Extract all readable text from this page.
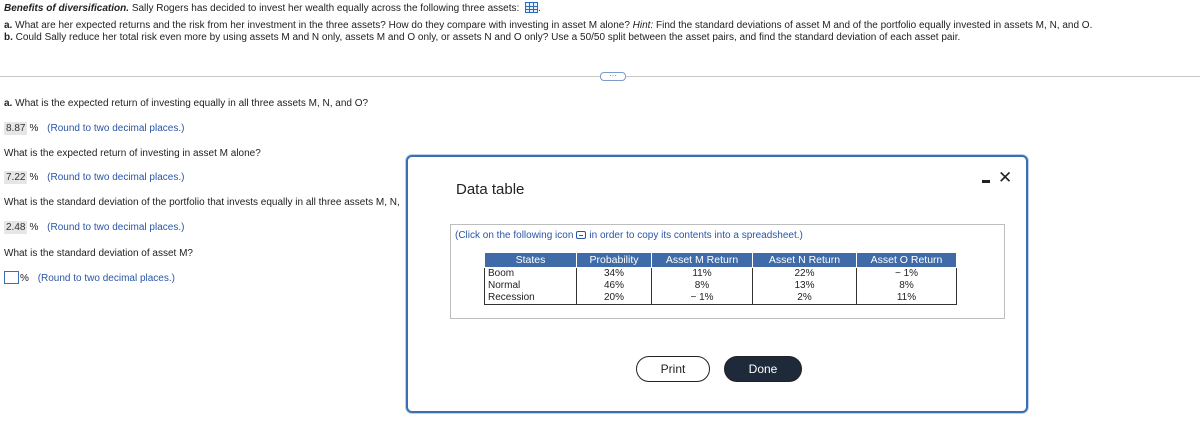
Benefits of diversification. Sally Rogers has decided to invest her wealth equally across the following three assets: .
a. What are her expected returns and the risk from her investment in the three assets? How do they compare with investing in asset M alone? Hint: Find the standard deviations of asset M and of the portfolio equally invested in assets M, N, and O.
b. Could Sally reduce her total risk even more by using assets M and N only, assets M and O only, or assets N and O only? Use a 50/50 split between the asset pairs, and find the standard deviation of each asset pair.
···
a. What is the expected return of investing equally in all three assets M, N, and O?
8.87 % (Round to two decimal places.)
What is the expected return of investing in asset M alone?
7.22 % (Round to two decimal places.)
What is the standard deviation of the portfolio that invests equally in all three assets M, N,
2.48 % (Round to two decimal places.)
What is the standard deviation of asset M?
% (Round to two decimal places.)
Data table
✕
(Click on the following icon in order to copy its contents into a spreadsheet.)
States	Probability	Asset M Return	Asset N Return	Asset O Return
Boom	34%	11%	22%	− 1%
Normal	46%	8%	13%	8%
Recession	20%	− 1%	2%	11%
Print	Done
